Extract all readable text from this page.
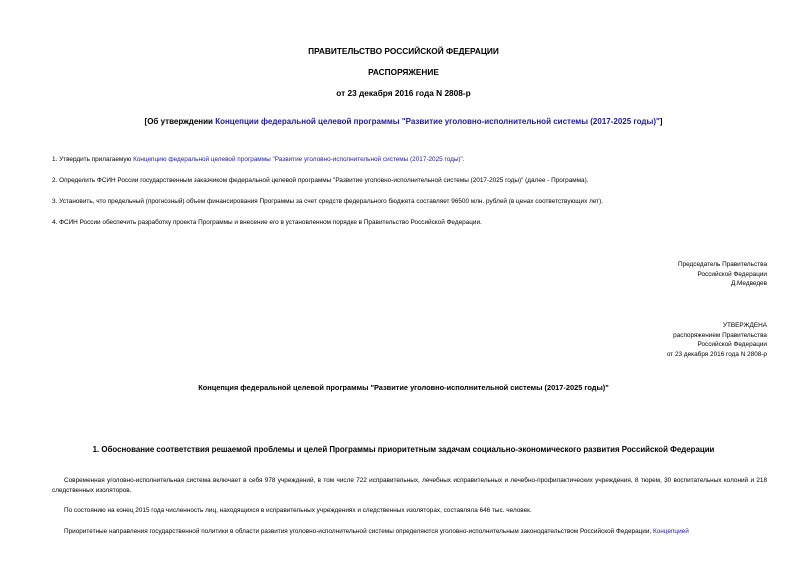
ПРАВИТЕЛЬСТВО РОССИЙСКОЙ ФЕДЕРАЦИИ
РАСПОРЯЖЕНИЕ
от 23 декабря 2016 года N 2808-р
[Об утверждении Концепции федеральной целевой программы "Развитие уголовно-исполнительной системы (2017-2025 годы)"]
1. Утвердить прилагаемую Концепцию федеральной целевой программы "Развитие уголовно-исполнительной системы (2017-2025 годы)".
2. Определить ФСИН России государственным заказчиком федеральной целевой программы "Развитие уголовно-исполнительной системы (2017-2025 годы)" (далее - Программа).
3. Установить, что предельный (прогнозный) объем финансирования Программы за счет средств федерального бюджета составляет 96500 млн. рублей (в ценах соответствующих лет).
4. ФСИН России обеспечить разработку проекта Программы и внесение его в установленном порядке в Правительство Российской Федерации.
Председатель Правительства
Российской Федерации
Д.Медведев
УТВЕРЖДЕНА
распоряжением Правительства
Российской Федерации
от 23 декабря 2016 года N 2808-р
Концепция федеральной целевой программы "Развитие уголовно-исполнительной системы (2017-2025 годы)"
1. Обоснование соответствия решаемой проблемы и целей Программы приоритетным задачам социально-экономического развития Российской Федерации
Современная уголовно-исполнительная система включает в себя 978 учреждений, в том числе 722 исправительных, лечебных исправительных и лечебно-профилактических учреждения, 8 тюрем, 30 воспитательных колоний и 218 следственных изоляторов.
По состоянию на конец 2015 года численность лиц, находящихся в исправительных учреждениях и следственных изоляторах, составляла 646 тыс. человек.
Приоритетные направления государственной политики в области развития уголовно-исполнительной системы определяются уголовно-исполнительным законодательством Российской Федерации, Концепцией
